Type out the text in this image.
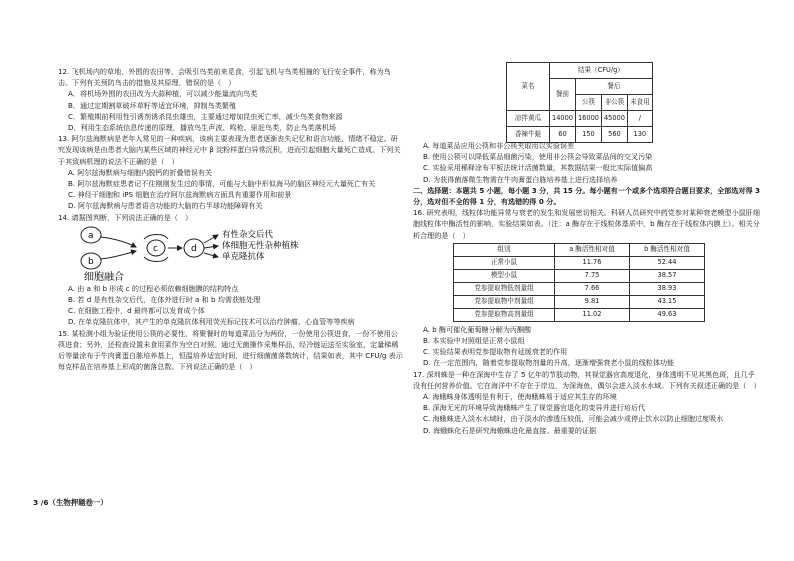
12. 飞机场内的草地、外围的农田等，会吸引鸟类前来觅食，引起飞机与鸟类相撞的飞行安全事件，称为鸟击。下列有关预防鸟击的措施及其原理，错误的是（　）

A．将机场外围的农田改为大蒜种植，可以减少能量流向鸟类

B．通过定期割草破坏草籽等适宜环境，抑制鸟类繁殖

C．繁殖期前利用性引诱剂诱杀昆虫雄虫，主要通过增加昆虫死亡率，减少鸟类食物来源

D．利用生态系统信息传递的原理，播放鸟生声波、鸣枪、驱赶鸟类，防止鸟类落机场

13. 阿尔兹海默病是老年人常见的一种疾病，该病主要表现为患者逐渐丧失记忆和语言功能、情绪不稳定。研究发现该病是由患者大脑内某些区域的神经元中 β 淀粉样蛋白异常沉积，进而引起细胞大量死亡造成。下列关于其致病机理的说法不正确的是（　）

A. 阿尔兹海默病与细胞内脱钙的折叠错误有关

B. 阿尔兹海默症患者记不住刚刚发生过的事情，可能与大脑中形似海马的脑区神经元大量死亡有关

C. 神经干细胞和 iPS 细胞在治疗阿尔兹海默病方面具有重要作用和前景

D. 阿尔兹海默病与患者语言功能的大脑的右半球功能障碍有关

14. 请据图判断，下列说法正确的是（　）

a
b
c	d
有性杂交后代
体细胞无性杂种植株
单克隆抗体
细胞融合

A. 由 a 和 b 形成 c 的过程必须依赖细胞膜的结构特点

B. 若 d 是有性杂交后代，在体外进行时 a 和 b 均需获能处理

C. 在细胞工程中，d 最终都可以发育成个体

D. 在单克隆抗体中，其产生的单克隆抗体利用荧光标记技术可以治疗肿瘤、心血管等等疾病

15. 某检测小组为验证使用公筷的必要性，将聚餐时的每道菜品分为两份，一份使用公筷进食，一份不使用公筷进食；另外，还检查设置未食用菜作为空白对照。通过无菌操作采集样品，经冷链运送至实验室，定量梯稀后等量涂布于牛肉膏蛋白胨培养基上，恒温培养适宜时间，进行细菌菌落数统计，结果如表，其中 CFU/g 表示每克样品在培养基上形成的菌落总数。下列说法正确的是（　）

菜名	结果（CFU/g）			
	餐前	餐后		
		公筷	非公筷	未食用
凉拌黄瓜	14000	16000	45000	/
香辣牛蛙	60	150	560	130

A. 每道菜品应用公筷和非公筷夹取用以实验误差

B. 使用公筷可以降低菜品细菌污染，使用非公筷会导致菜品间的交叉污染

C. 实验采用稀释涂布平板法统计活菌数量，其数据结果一般比实际值偏高

D. 为获得菌落微生物需在牛肉膏蛋白胨培养基上进行选择培养

二、选择题：本题共 5 小题，每小题 3 分，共 15 分。每小题有一个或多个选项符合题目要求，全部选对得 3 分，选对但不全的得 1 分，有选错的得 0 分。

16. 研究表明，线粒体功能异常与衰老的发生和发展密切相关。科研人员研究中药党参对某种衰老模型小鼠肝细胞线粒体中酶活性的影响，实验结果如表。（注：a 酶存在于线粒体基质中，b 酶存在于线粒体内膜上）。相关分析合理的是（　）

组别	a 酶活性相对值	b 酶活性相对值
正常小鼠	11.76	52.44
模型小鼠	7.75	38.57
党参提取物低剂量组	7.66	38.93
党参提取物中剂量组	9.81	43.15
党参提取物高剂量组	11.02	49.63

A. b 酶可催化葡萄糖分解为丙酮酸

B. 本实验中对照组是正常小鼠组

C. 实验结果表明党参提取物有延缓衰老的作用

D. 在一定范围内，随着党参提取物剂量的升高，逐渐增强衰老小鼠的线粒体功能

17. 深圳蛛是一种在深海中生存了 5 亿年的节肢动物，其视觉器官高度退化，身体透明不见其黑色斑，且几乎没有任何营养价值。它在海洋中不存在于岸边，为深海鱼，偶尔会进入淡水水域。下列有关叙述正确的是（　）

A. 海蛾蛛身体透明是有利于，使海蛾蛛易于适应其生存的环境

B. 深海无光的环境导致海蛾蛛产生了视觉器官退化的变异并进行培后代

C. 海蛾蛛进入淡水水域时，由于淡水的渗透压较低，可能会减少或停止饮水以防止细胞过度吸水

D. 海蛾蛛化石是研究海蛾蛛进化最直接、最重要的证据

3 /6（生物押题卷一）
